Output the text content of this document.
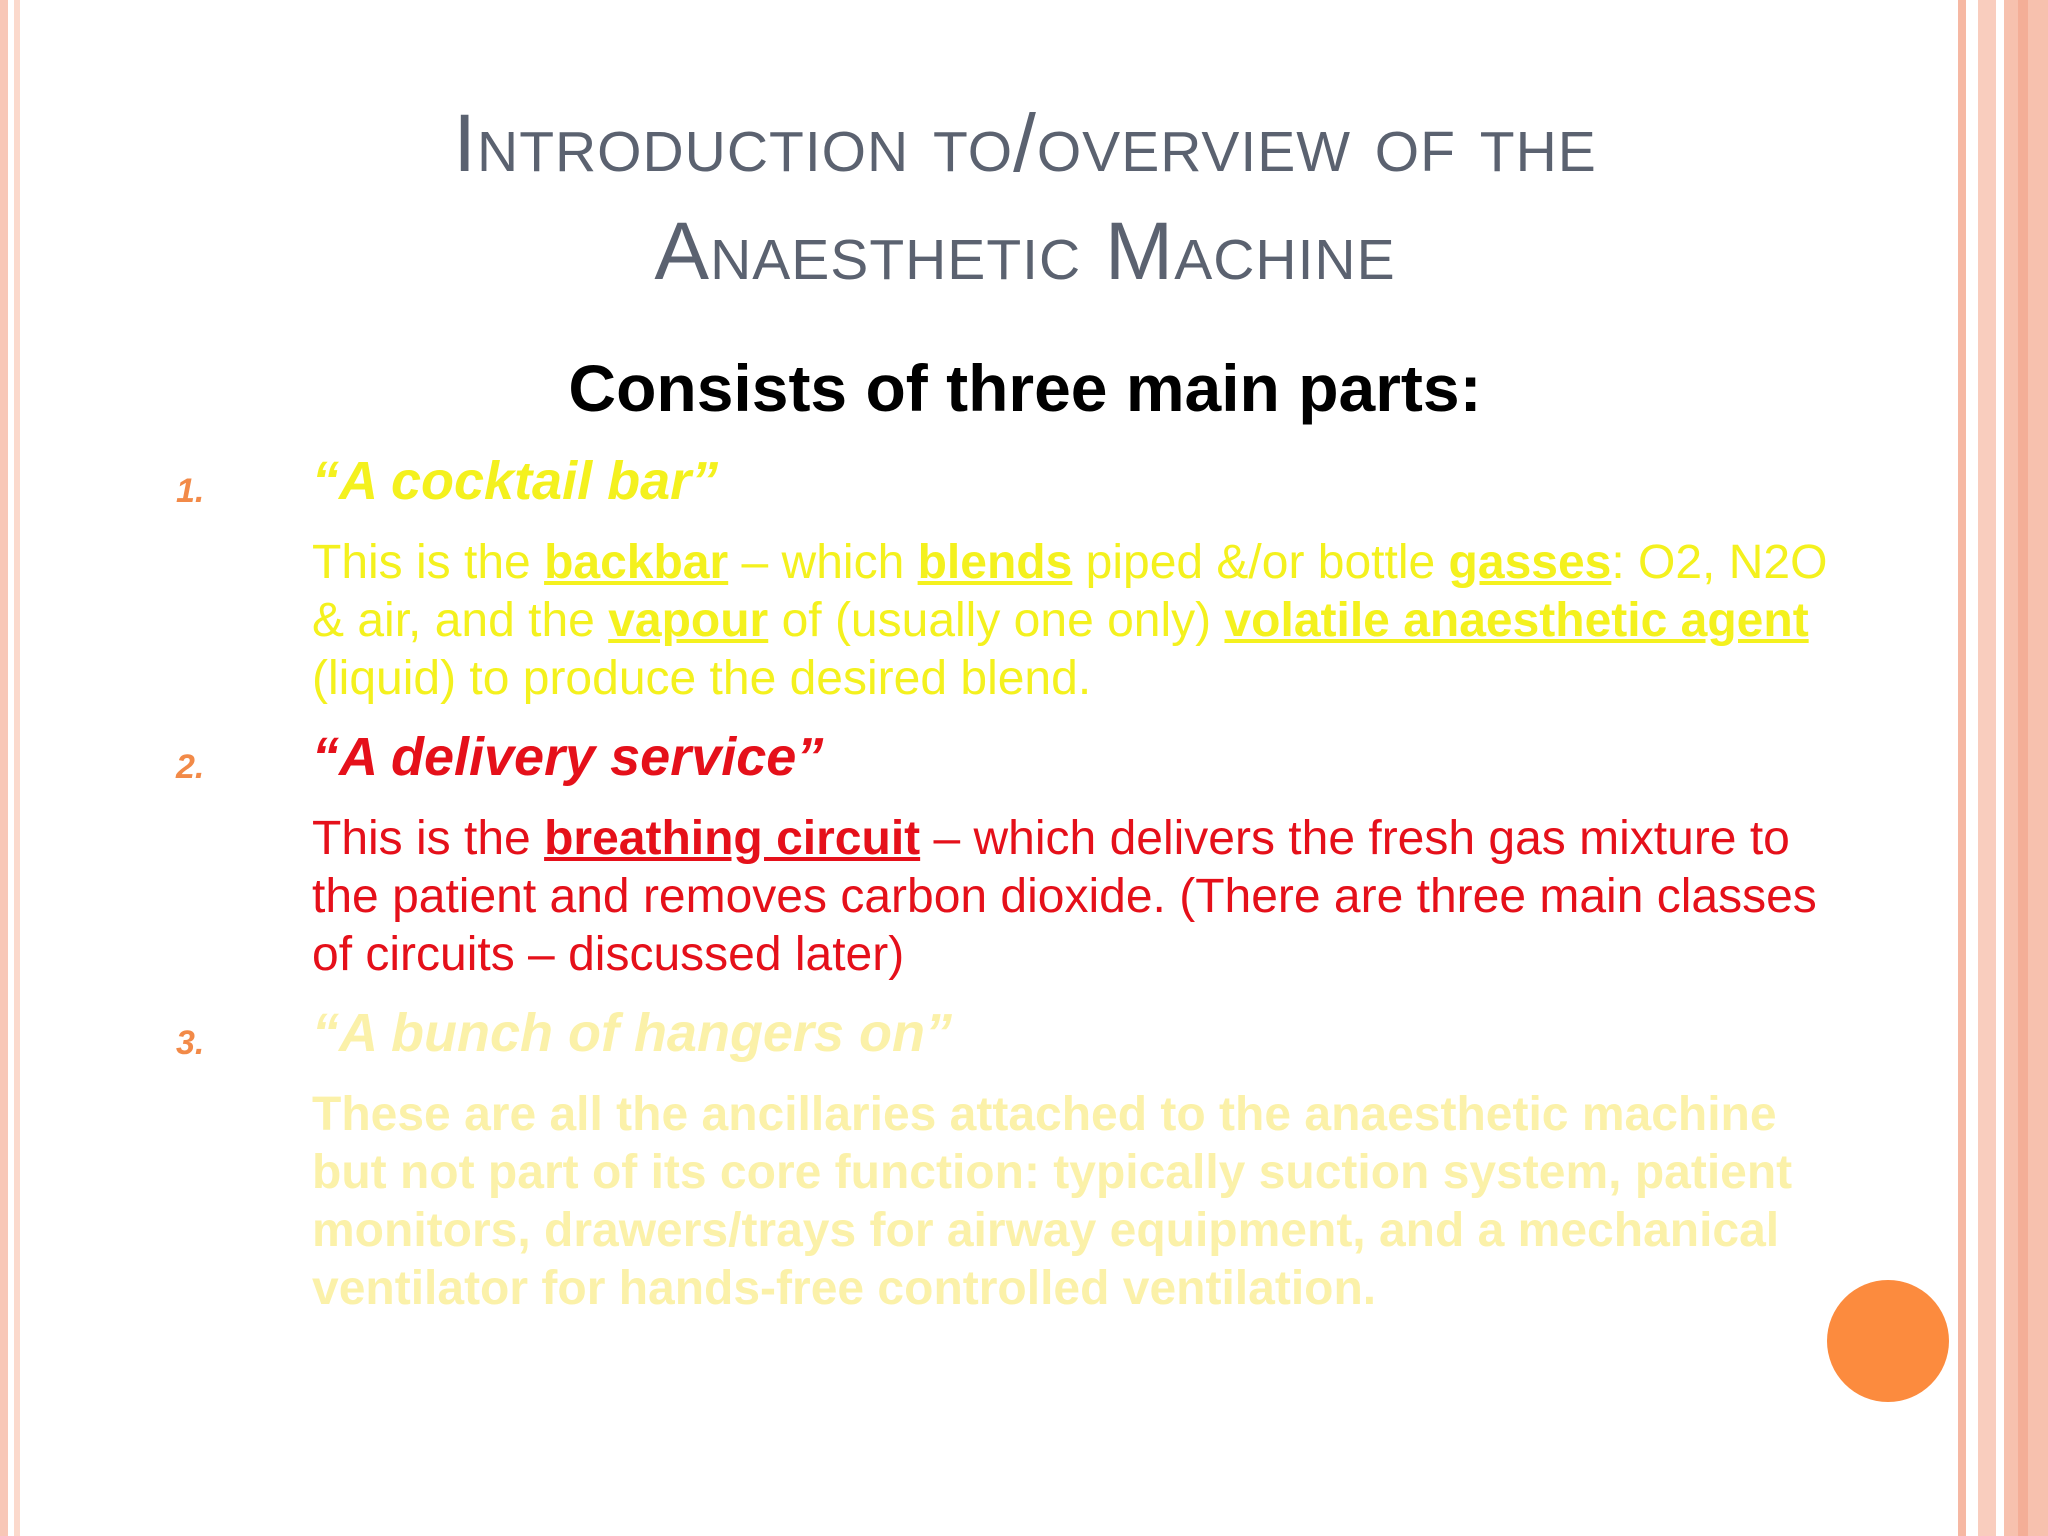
Introduction to/overview of the
Anaesthetic Machine
Consists of three main parts:
1. “A cocktail bar”
This is the backbar – which blends piped &/or bottle gasses: O2, N2O & air, and the vapour of (usually one only) volatile anaesthetic agent (liquid) to produce the desired blend.
2. “A delivery service”
This is the breathing circuit – which delivers the fresh gas mixture to the patient and removes carbon dioxide. (There are three main classes of circuits – discussed later)
3. “A bunch of hangers on”
These are all the ancillaries attached to the anaesthetic machine but not part of its core function: typically suction system, patient monitors, drawers/trays for airway equipment, and a mechanical ventilator for hands-free controlled ventilation.
